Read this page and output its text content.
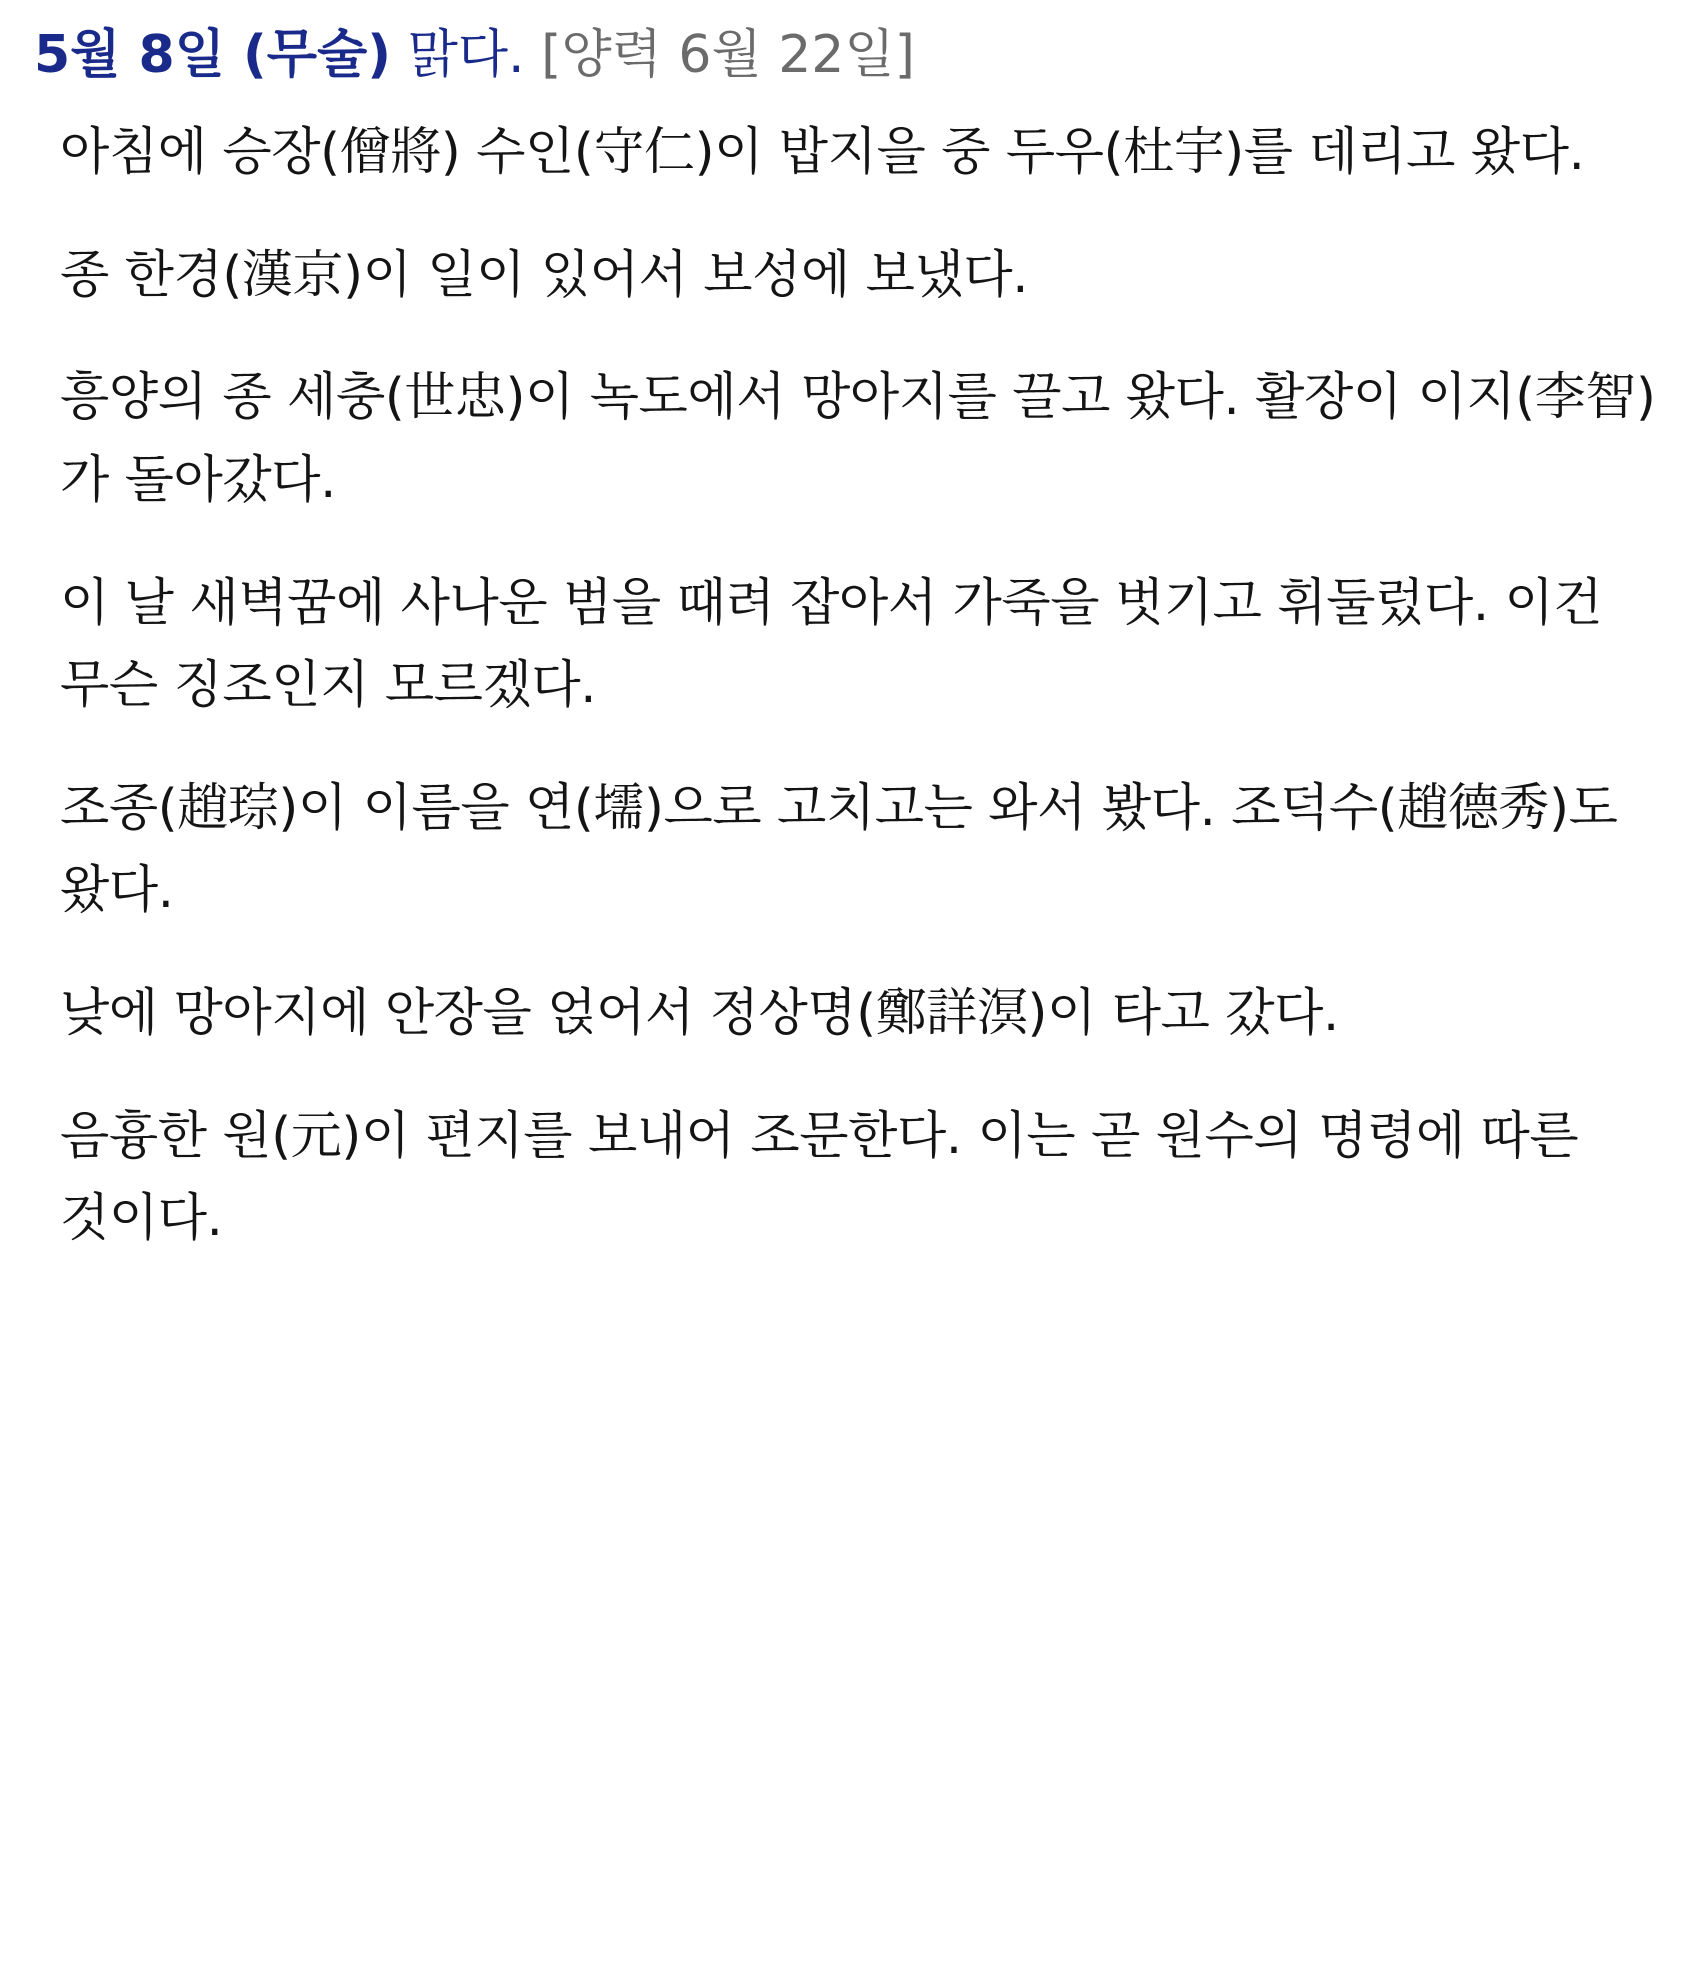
5월 8일 (무술) 맑다. [양력 6월 22일]

아침에 승장(僧將) 수인(守仁)이 밥지을 중 두우(杜宇)를 데리고 왔다.

종 한경(漢京)이 일이 있어서 보성에 보냈다.

흥양의 종 세충(世忠)이 녹도에서 망아지를 끌고 왔다. 활장이 이지(李智)가 돌아갔다.

이 날 새벽꿈에 사나운 범을 때려 잡아서 가죽을 벗기고 휘둘렀다. 이건 무슨 징조인지 모르겠다.

조종(趙琮)이 이름을 연(壖)으로 고치고는 와서 봤다. 조덕수(趙德秀)도 왔다.

낮에 망아지에 안장을 얹어서 정상명(鄭詳溟)이 타고 갔다.

음흉한 원(元)이 편지를 보내어 조문한다. 이는 곧 원수의 명령에 따른 것이다.
